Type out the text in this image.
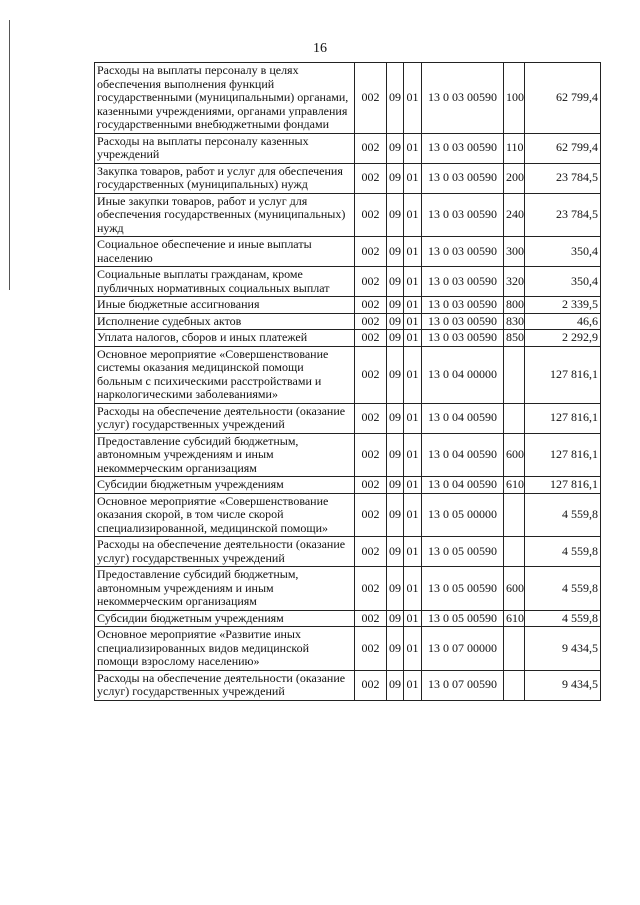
16
Расходы на выплаты персоналу в целях обеспечения выполнения функций государственными (муниципальными) органами, казенными учреждениями, органами управления государственными внебюджетными фондами	002	09	01	13 0 03 00590	100	62 799,4
Расходы на выплаты персоналу казенных учреждений	002	09	01	13 0 03 00590	110	62 799,4
Закупка товаров, работ и услуг для обеспечения государственных (муниципальных) нужд	002	09	01	13 0 03 00590	200	23 784,5
Иные закупки товаров, работ и услуг для обеспечения государственных (муниципальных) нужд	002	09	01	13 0 03 00590	240	23 784,5
Социальное обеспечение и иные выплаты населению	002	09	01	13 0 03 00590	300	350,4
Социальные выплаты гражданам, кроме публичных нормативных социальных выплат	002	09	01	13 0 03 00590	320	350,4
Иные бюджетные ассигнования	002	09	01	13 0 03 00590	800	2 339,5
Исполнение судебных актов	002	09	01	13 0 03 00590	830	46,6
Уплата налогов, сборов и иных платежей	002	09	01	13 0 03 00590	850	2 292,9
Основное мероприятие «Совершенствование системы оказания медицинской помощи больным с психическими расстройствами и наркологическими заболеваниями»	002	09	01	13 0 04 00000		127 816,1
Расходы на обеспечение деятельности (оказание услуг) государственных учреждений	002	09	01	13 0 04 00590		127 816,1
Предоставление субсидий бюджетным, автономным учреждениям и иным некоммерческим организациям	002	09	01	13 0 04 00590	600	127 816,1
Субсидии бюджетным учреждениям	002	09	01	13 0 04 00590	610	127 816,1
Основное мероприятие «Совершенствование оказания скорой, в том числе скорой специализированной, медицинской помощи»	002	09	01	13 0 05 00000		4 559,8
Расходы на обеспечение деятельности (оказание услуг) государственных учреждений	002	09	01	13 0 05 00590		4 559,8
Предоставление субсидий бюджетным, автономным учреждениям и иным некоммерческим организациям	002	09	01	13 0 05 00590	600	4 559,8
Субсидии бюджетным учреждениям	002	09	01	13 0 05 00590	610	4 559,8
Основное мероприятие «Развитие иных специализированных видов медицинской помощи взрослому населению»	002	09	01	13 0 07 00000		9 434,5
Расходы на обеспечение деятельности (оказание услуг) государственных учреждений	002	09	01	13 0 07 00590		9 434,5
